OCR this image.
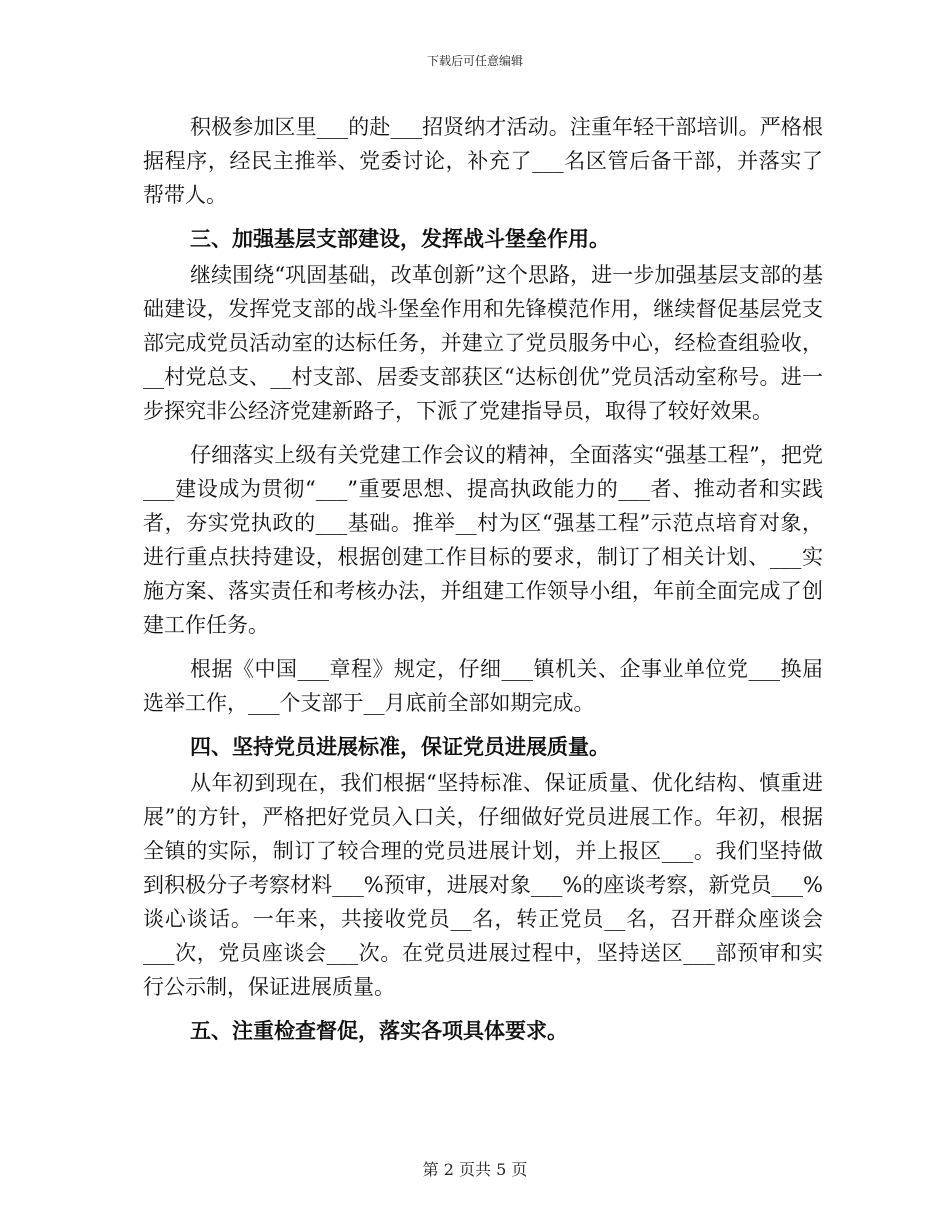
下载后可任意编辑

积极参加区里___的赴___招贤纳才活动。注重年轻干部培训。严格根据程序，经民主推举、党委讨论，补充了___名区管后备干部，并落实了帮带人。

三、加强基层支部建设，发挥战斗堡垒作用。

继续围绕“巩固基础，改革创新”这个思路，进一步加强基层支部的基础建设，发挥党支部的战斗堡垒作用和先锋模范作用，继续督促基层党支部完成党员活动室的达标任务，并建立了党员服务中心，经检查组验收，__村党总支、__村支部、居委支部获区“达标创优”党员活动室称号。进一步探究非公经济党建新路子，下派了党建指导员，取得了较好效果。

仔细落实上级有关党建工作会议的精神，全面落实“强基工程”，把党___建设成为贯彻“___”重要思想、提高执政能力的___者、推动者和实践者，夯实党执政的___基础。推举__村为区“强基工程”示范点培育对象，进行重点扶持建设，根据创建工作目标的要求，制订了相关计划、___实施方案、落实责任和考核办法，并组建工作领导小组，年前全面完成了创建工作任务。

根据《中国___章程》规定，仔细___镇机关、企事业单位党___换届选举工作，___个支部于__月底前全部如期完成。

四、坚持党员进展标准，保证党员进展质量。

从年初到现在，我们根据“坚持标准、保证质量、优化结构、慎重进展”的方针，严格把好党员入口关，仔细做好党员进展工作。年初，根据全镇的实际，制订了较合理的党员进展计划，并上报区___。我们坚持做到积极分子考察材料___%预审，进展对象___%的座谈考察，新党员___%谈心谈话。一年来，共接收党员__名，转正党员__名，召开群众座谈会___次，党员座谈会___次。在党员进展过程中，坚持送区___部预审和实行公示制，保证进展质量。

五、注重检查督促，落实各项具体要求。

第 2 页共 5 页
